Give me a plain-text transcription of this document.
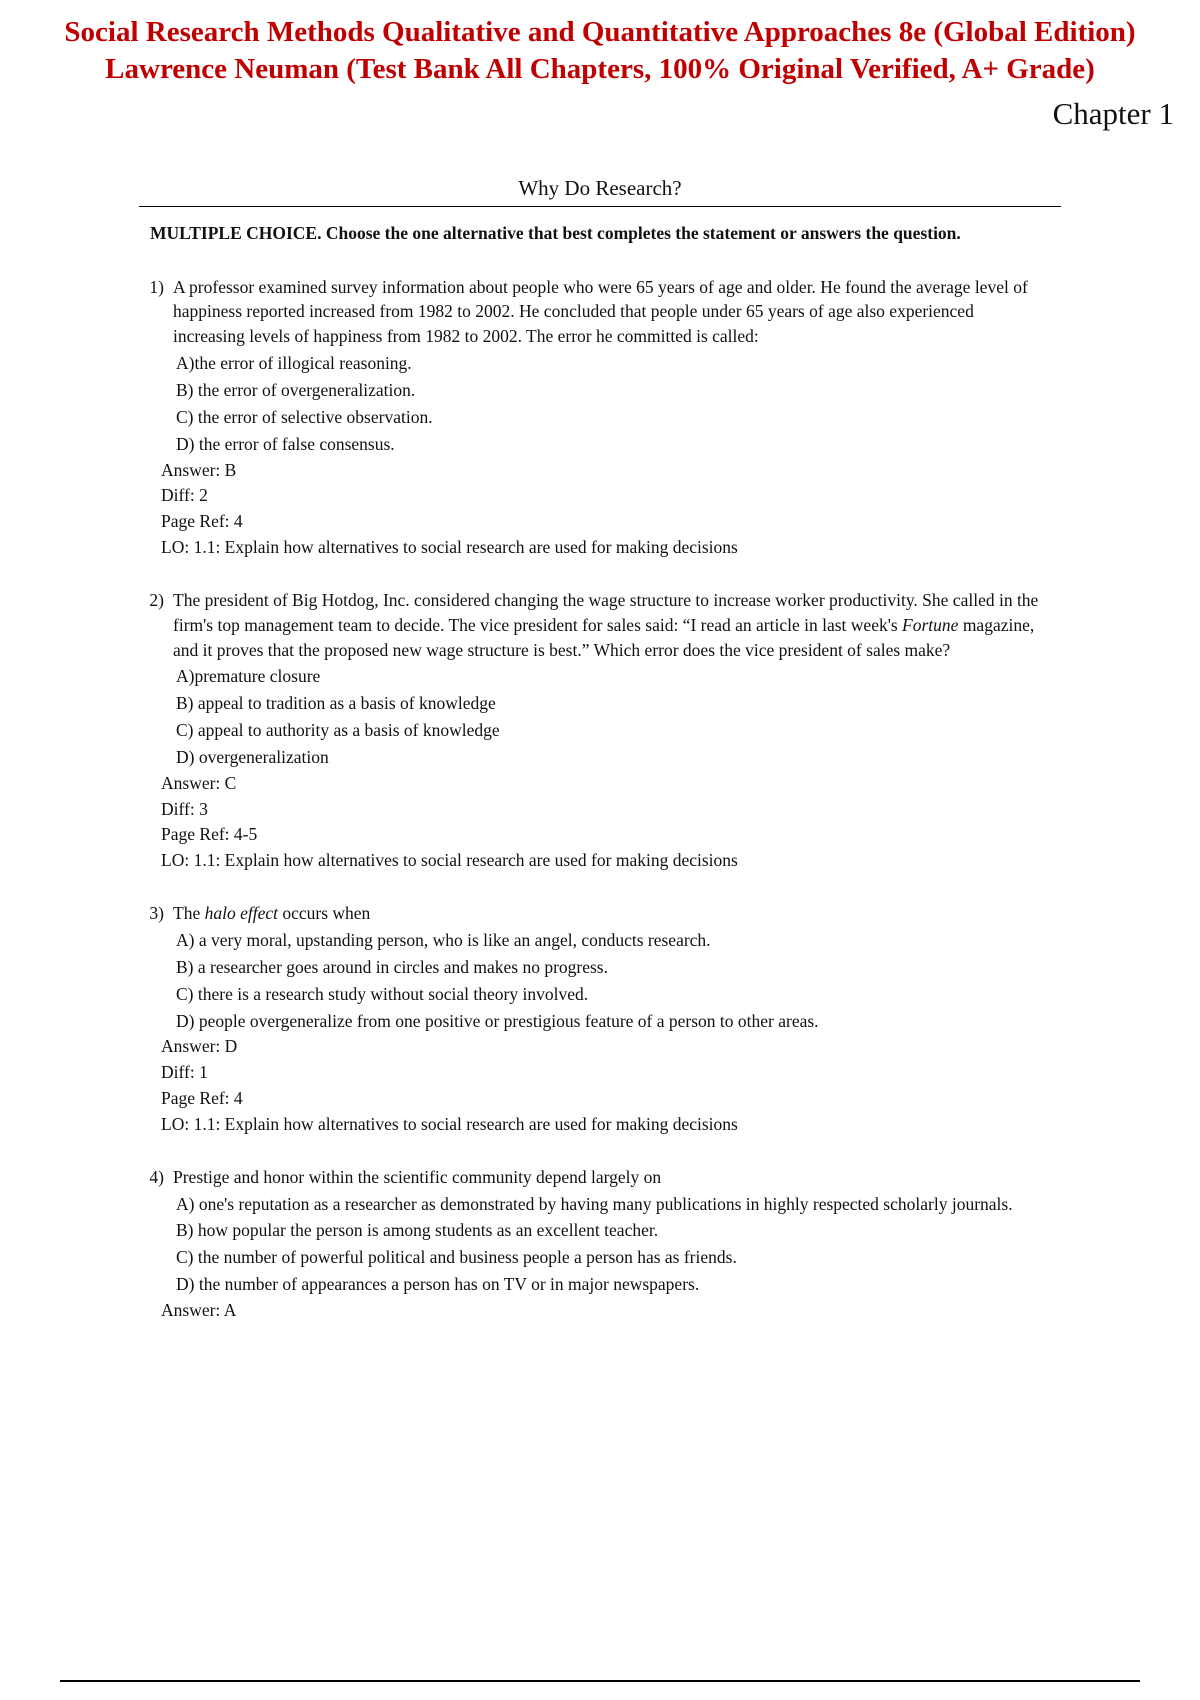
Social Research Methods Qualitative and Quantitative Approaches 8e (Global Edition) Lawrence Neuman (Test Bank All Chapters, 100% Original Verified, A+ Grade)
Chapter 1
Why Do Research?
MULTIPLE CHOICE. Choose the one alternative that best completes the statement or answers the question.
1) A professor examined survey information about people who were 65 years of age and older. He found the average level of happiness reported increased from 1982 to 2002. He concluded that people under 65 years of age also experienced increasing levels of happiness from 1982 to 2002. The error he committed is called:
A)the error of illogical reasoning.
B) the error of overgeneralization.
C) the error of selective observation.
D) the error of false consensus.
Answer: B
Diff: 2
Page Ref: 4
LO: 1.1: Explain how alternatives to social research are used for making decisions
2) The president of Big Hotdog, Inc. considered changing the wage structure to increase worker productivity. She called in the firm's top management team to decide. The vice president for sales said: “I read an article in last week's Fortune magazine, and it proves that the proposed new wage structure is best.” Which error does the vice president of sales make?
A)premature closure
B) appeal to tradition as a basis of knowledge
C) appeal to authority as a basis of knowledge
D) overgeneralization
Answer: C
Diff: 3
Page Ref: 4-5
LO: 1.1: Explain how alternatives to social research are used for making decisions
3) The halo effect occurs when
A) a very moral, upstanding person, who is like an angel, conducts research.
B) a researcher goes around in circles and makes no progress.
C) there is a research study without social theory involved.
D) people overgeneralize from one positive or prestigious feature of a person to other areas.
Answer: D
Diff: 1
Page Ref: 4
LO: 1.1: Explain how alternatives to social research are used for making decisions
4) Prestige and honor within the scientific community depend largely on
A) one's reputation as a researcher as demonstrated by having many publications in highly respected scholarly journals.
B) how popular the person is among students as an excellent teacher.
C) the number of powerful political and business people a person has as friends.
D) the number of appearances a person has on TV or in major newspapers.
Answer: A
